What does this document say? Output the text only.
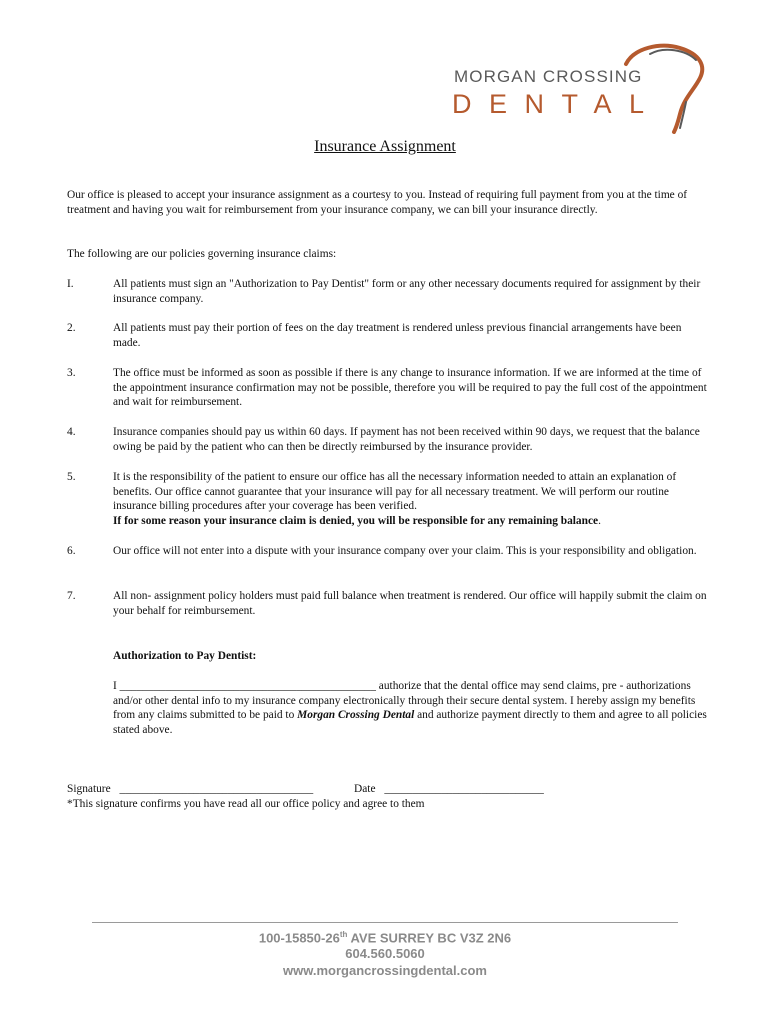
MORGAN CROSSING
DENTAL
Insurance Assignment
Our office is pleased to accept your insurance assignment as a courtesy to you. Instead of requiring full payment from you at the time of treatment and having you wait for reimbursement from your insurance company, we can bill your insurance directly.
The following are our policies governing insurance claims:
I.	All patients must sign an "Authorization to Pay Dentist" form or any other necessary documents required for assignment by their insurance company.
2.	All patients must pay their portion of fees on the day treatment is rendered unless previous financial arrangements have been made.
3.	The office must be informed as soon as possible if there is any change to insurance information. If we are informed at the time of the appointment insurance confirmation may not be possible, therefore you will be required to pay the full cost of the appointment and wait for reimbursement.
4.	Insurance companies should pay us within 60 days. If payment has not been received within 90 days, we request that the balance owing be paid by the patient who can then be directly reimbursed by the insurance provider.
5.	It is the responsibility of the patient to ensure our office has all the necessary information needed to attain an explanation of benefits. Our office cannot guarantee that your insurance will pay for all necessary treatment. We will perform our routine insurance billing procedures after your coverage has been verified.
If for some reason your insurance claim is denied, you will be responsible for any remaining balance.
6.	Our office will not enter into a dispute with your insurance company over your claim. This is your responsibility and obligation.
7.	All non- assignment policy holders must paid full balance when treatment is rendered. Our office will happily submit the claim on your behalf for reimbursement.
Authorization to Pay Dentist:
I _____________________________________________ authorize that the dental office may send claims, pre - authorizations and/or other dental info to my insurance company electronically through their secure dental system. I hereby assign my benefits from any claims submitted to be paid to Morgan Crossing Dental and authorize payment directly to them and agree to all policies stated above.
Signature __________________________________	Date ____________________________
*This signature confirms you have read all our office policy and agree to them
100-15850-26th AVE SURREY BC V3Z 2N6
604.560.5060
www.morgancrossingdental.com
